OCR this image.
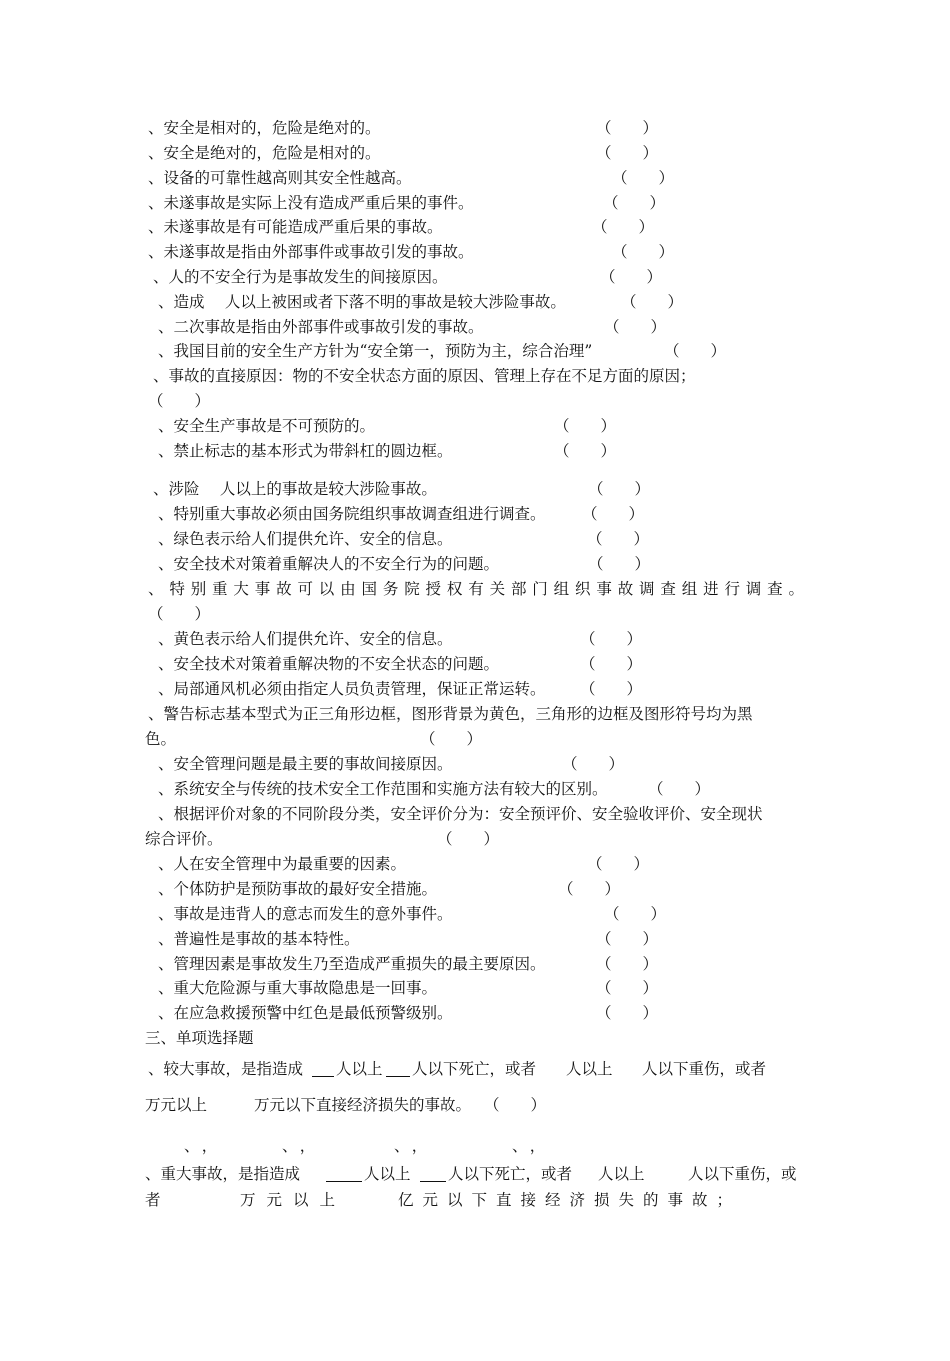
、安全是相对的，危险是绝对的。

	（　　）

、安全是绝对的，危险是相对的。

	（　　）

、设备的可靠性越高则其安全性越高。

	（　　）

、未遂事故是实际上没有造成严重后果的事件。

	（　　）

、未遂事故是有可能造成严重后果的事故。

	（　　）

、未遂事故是指由外部事件或事故引发的事故。

	（　　）

、人的不安全行为是事故发生的间接原因。

	（　　）

、造成　 人以上被困或者下落不明的事故是较大涉险事故。

	（　　）

、二次事故是指由外部事件或事故引发的事故。

	（　　）

、我国目前的安全生产方针为“安全第一，预防为主，综合治理”

	（　　）

、事故的直接原因：物的不安全状态方面的原因、管理上存在不足方面的原因；

（　　）

、安全生产事故是不可预防的。

	（　　）

、禁止标志的基本形式为带斜杠的圆边框。

	（　　）

、涉险　 人以上的事故是较大涉险事故。

	（　　）

、特别重大事故必须由国务院组织事故调查组进行调查。

（　　）

、绿色表示给人们提供允许、安全的信息。

	（　　）

、安全技术对策着重解决人的不安全行为的问题。

	（　　）

、特别重大事故可以由国务院授权有关部门组织事故调查组进行调查。

（　　）

、黄色表示给人们提供允许、安全的信息。

	（　　）

、安全技术对策着重解决物的不安全状态的问题。

	（　　）

、局部通风机必须由指定人员负责管理，保证正常运转。

（　　）

、警告标志基本型式为正三角形边框，图形背景为黄色，三角形的边框及图形符号均为黑

色。

	（　　）

、安全管理问题是最主要的事故间接原因。

	（　　）

、系统安全与传统的技术安全工作范围和实施方法有较大的区别。

	（　　）

、根据评价对象的不同阶段分类，安全评价分为：安全预评价、安全验收评价、安全现状

综合评价。

	（　　）

、人在安全管理中为最重要的因素。

	（　　）

、个体防护是预防事故的最好安全措施。

	（　　）

、事故是违背人的意志而发生的意外事件。

	（　　）

、普遍性是事故的基本特性。

	（　　）

、管理因素是事故发生乃至造成严重损失的最主要原因。

	（　　）

、重大危险源与重大事故隐患是一回事。

	（　　）

、在应急救援预警中红色是最低预警级别。

	（　　）

三、单项选择题

、较大事故，是指造成

人以上

人以下死亡，或者

人以上

人以下重伤，或者

万元以上

	万元以下直接经济损失的事故。

（　　）

、，

	、，

	、，

	、，

、重大事故，是指造成

	人以上

人以下死亡，或者

人以上

	人以下重伤，或

者

	万元以上

	亿元以下直接经济损失的事故；
